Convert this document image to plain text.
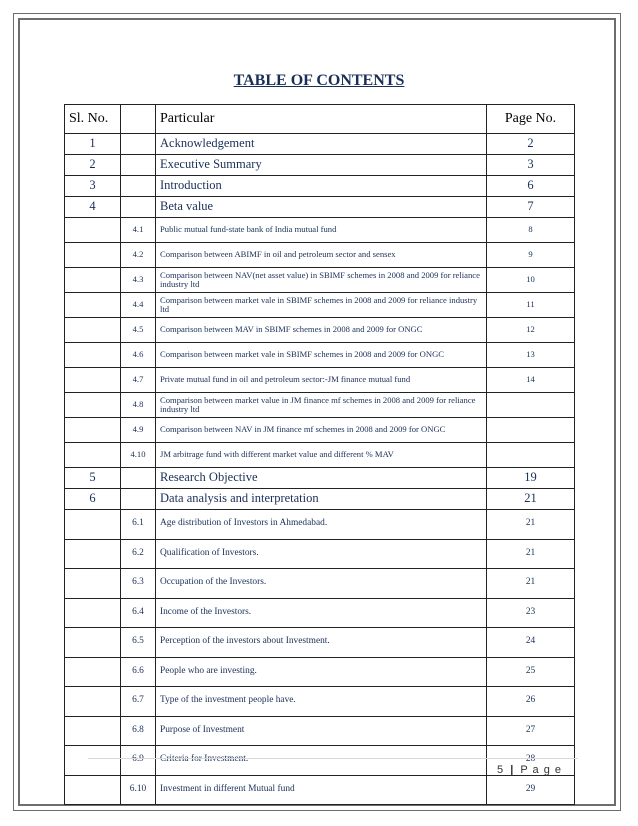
TABLE OF CONTENTS
Sl. No.		Particular	Page No.
1		Acknowledgement	2
2		Executive Summary	3
3		Introduction	6
4		Beta value	7
	4.1	Public mutual fund-state bank of India mutual fund	8
	4.2	Comparison between ABIMF in oil and petroleum sector and sensex	9
	4.3	Comparison between NAV(net asset value) in SBIMF schemes in 2008 and 2009 for reliance industry ltd	10
	4.4	Comparison between market vale in SBIMF schemes in 2008 and 2009 for reliance industry ltd	11
	4.5	Comparison between MAV in SBIMF schemes in 2008 and 2009 for ONGC	12
	4.6	Comparison between market vale in SBIMF schemes in 2008 and 2009 for ONGC	13
	4.7	Private mutual fund in oil and petroleum sector:-JM finance mutual fund	14
	4.8	Comparison between market value in JM finance mf schemes in 2008 and 2009 for reliance industry ltd	
	4.9	Comparison between NAV in JM finance mf schemes in 2008 and 2009 for ONGC	
	4.10	JM arbitrage fund with different market value and different % MAV	
5		Research Objective	19
6		Data analysis and interpretation	21
	6.1	Age distribution of Investors in Ahmedabad.	21
	6.2	Qualification of Investors.	21
	6.3	Occupation of the Investors.	21
	6.4	Income of the Investors.	23
	6.5	Perception of the investors about Investment.	24
	6.6	People who are investing.	25
	6.7	Type of the investment people have.	26
	6.8	Purpose of Investment	27
	6.9	Criteria for Investment.	28
	6.10	Investment in different Mutual fund	29
5 | P a g e
